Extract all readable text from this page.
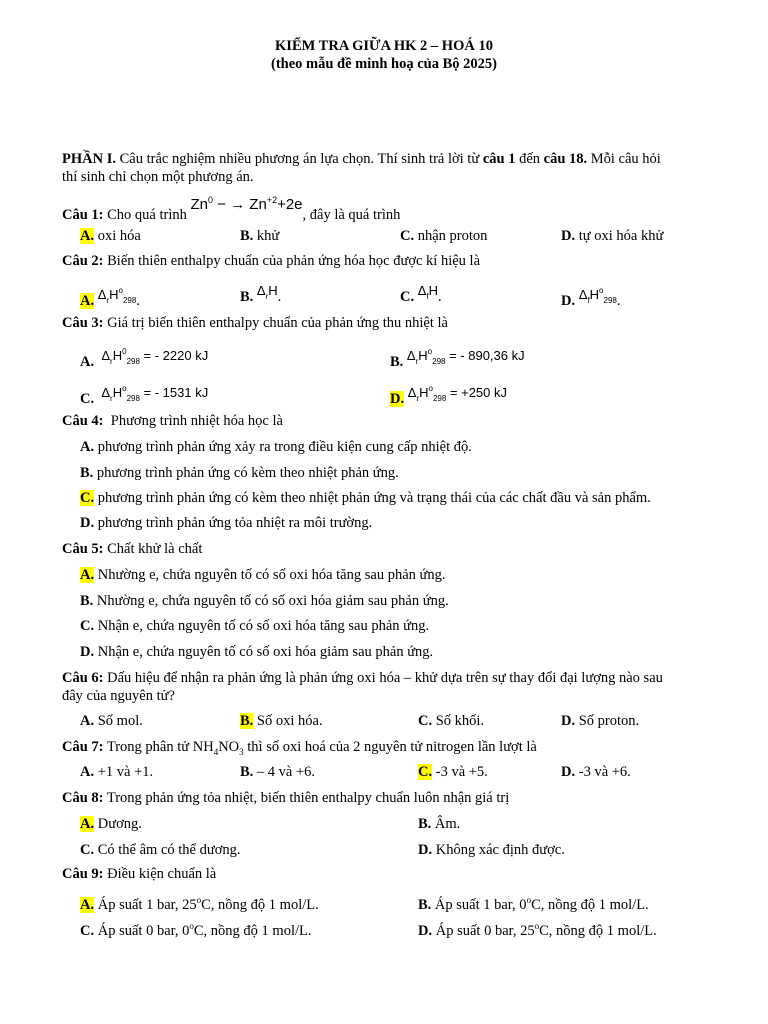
KIỂM TRA GIỮA HK 2 – HOÁ 10
(theo mẫu đề minh hoạ của Bộ 2025)
PHẦN I. Câu trắc nghiệm nhiều phương án lựa chọn. Thí sinh trả lời từ câu 1 đến câu 18. Mỗi câu hỏi
thí sinh chỉ chọn một phương án.
Câu 1: Cho quá trình $Zn^0$ − → $Zn^{+2}+2e$, đây là quá trình
A. oxi hóa	B. khử	C. nhận proton	D. tự oxi hóa khử
Câu 2: Biến thiên enthalpy chuẩn của phản ứng hóa học được kí hiệu là
A. $\Delta_rH^o_{298}$.	B. $\Delta_rH$.	C. $\Delta_fH$.	D. $\Delta_fH^o_{298}$.
Câu 3: Giá trị biến thiên enthalpy chuẩn của phản ứng thu nhiệt là
A. $\Delta_rH^0_{298}$ = - 2220 kJ	B. $\Delta_rH^o_{298}$ = - 890,36 kJ
C. $\Delta_rH^o_{298}$ = - 1531 kJ	D. $\Delta_rH^o_{298} = +250$ kJ
Câu 4:  Phương trình nhiệt hóa học là
A. phương trình phản ứng xảy ra trong điều kiện cung cấp nhiệt độ.
B. phương trình phản ứng có kèm theo nhiệt phản ứng.
C. phương trình phản ứng có kèm theo nhiệt phản ứng và trạng thái của các chất đầu và sản phẩm.
D. phương trình phản ứng tỏa nhiệt ra môi trường.
Câu 5: Chất khử là chất
A. Nhường e, chứa nguyên tố có số oxi hóa tăng sau phản ứng.
B. Nhường e, chứa nguyên tố có số oxi hóa giảm sau phản ứng.
C. Nhận e, chứa nguyên tố có số oxi hóa tăng sau phản ứng.
D. Nhận e, chứa nguyên tố có số oxi hóa giảm sau phản ứng.
Câu 6: Dấu hiệu để nhận ra phản ứng là phản ứng oxi hóa – khử dựa trên sự thay đổi đại lượng nào sau
đây của nguyên tử?
A. Số mol.	B. Số oxi hóa.	C. Số khối.	D. Số proton.
Câu 7: Trong phân tử $NH_4NO_3$ thì số oxi hoá của 2 nguyên tử nitrogen lần lượt là
A. +1 và +1.	B. – 4 và +6.	C. -3 và +5.	D. -3 và +6.
Câu 8: Trong phản ứng tỏa nhiệt, biến thiên enthalpy chuẩn luôn nhận giá trị
A. Dương.	B. Âm.
C. Có thể âm có thể dương.	D. Không xác định được.
Câu 9: Điều kiện chuẩn là
A. Áp suất 1 bar, 25$^o$C, nồng độ 1 mol/L.	B. Áp suất 1 bar, 0$^o$C, nồng độ 1 mol/L.
C. Áp suất 0 bar, 0$^o$C, nồng độ 1 mol/L.	D. Áp suất 0 bar, 25$^o$C, nồng độ 1 mol/L.
